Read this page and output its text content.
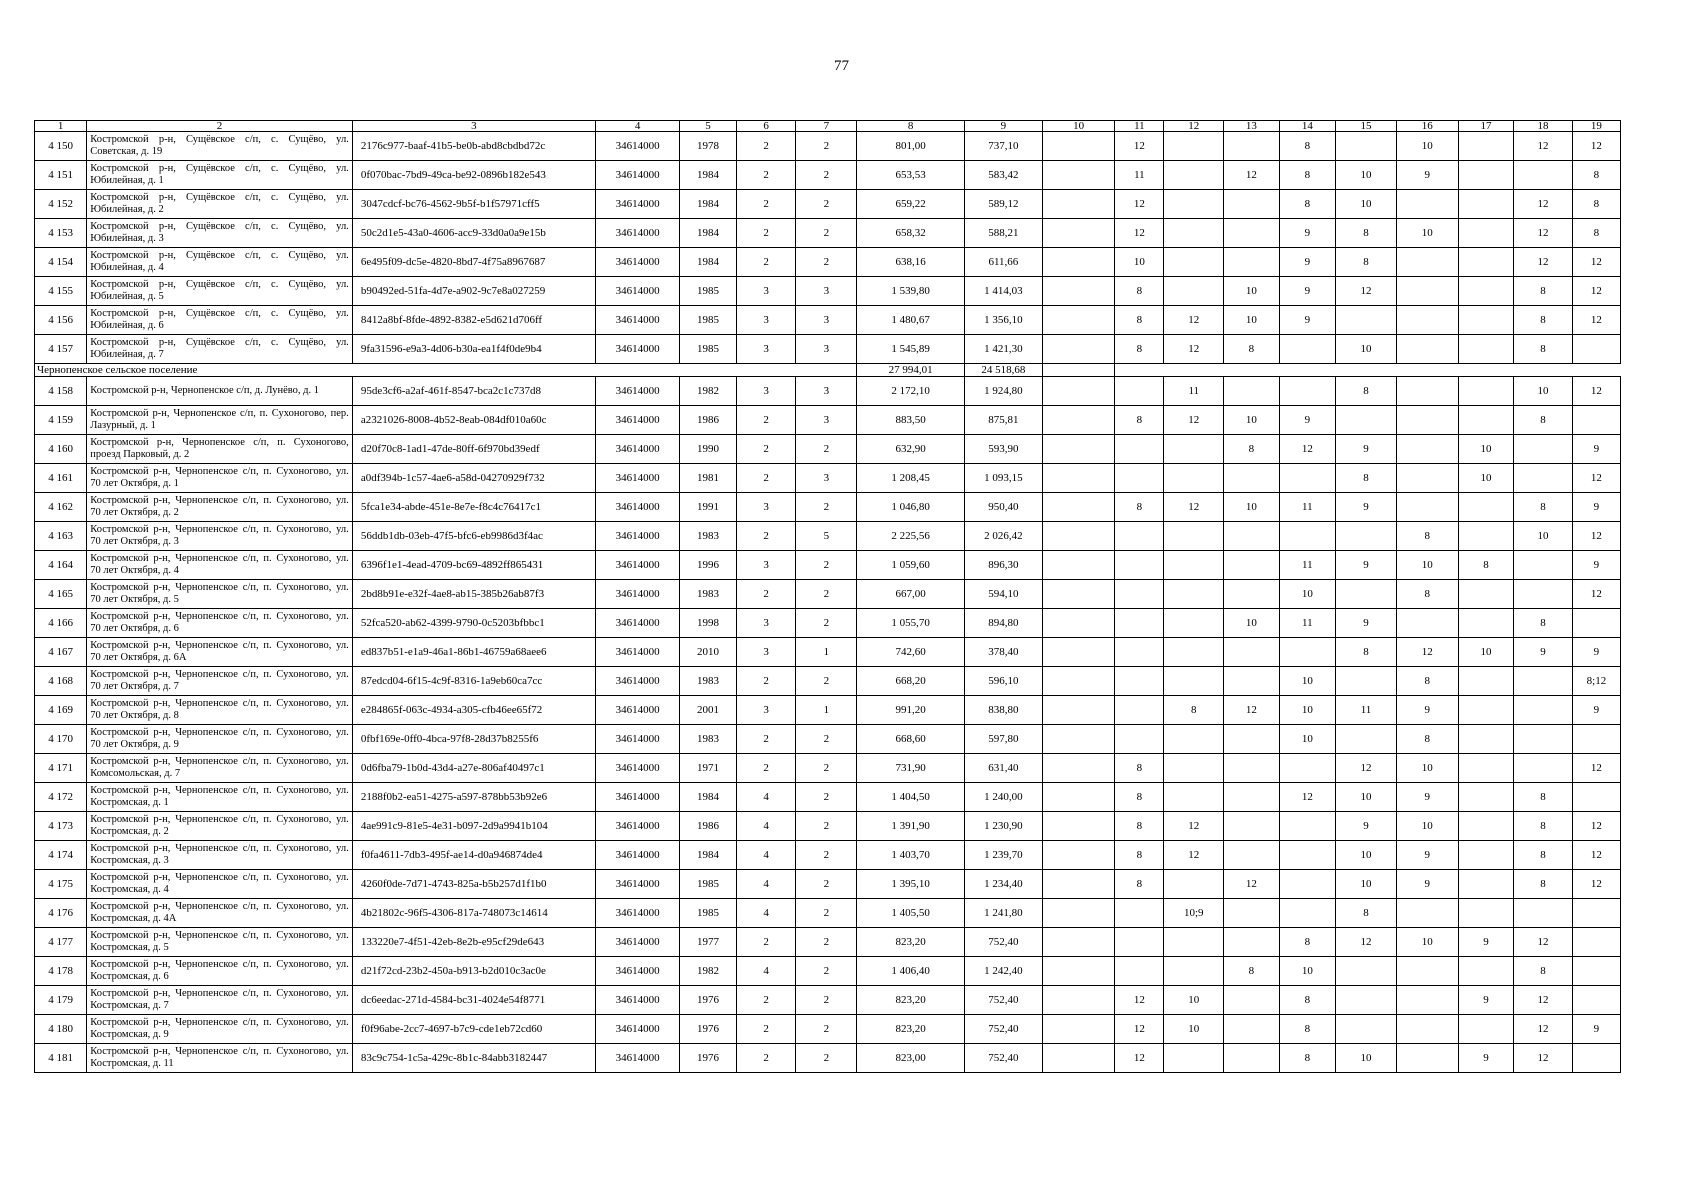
77
1	2	3	4	5	6	7	8	9	10	11	12	13	14	15	16	17	18	19
4 150	Костромской р-н, Сущёвское с/п, с. Сущёво, ул. Советская, д. 19	2176c977-baaf-41b5-be0b-abd8cbdbd72c	34614000	1978	2	2	801,00	737,10		12			8		10		12	12
4 151	Костромской р-н, Сущёвское с/п, с. Сущёво, ул. Юбилейная, д. 1	0f070bac-7bd9-49ca-be92-0896b182e543	34614000	1984	2	2	653,53	583,42		11		12	8	10	9			8
4 152	Костромской р-н, Сущёвское с/п, с. Сущёво, ул. Юбилейная, д. 2	3047cdcf-bc76-4562-9b5f-b1f57971cff5	34614000	1984	2	2	659,22	589,12		12			8	10			12	8
4 153	Костромской р-н, Сущёвское с/п, с. Сущёво, ул. Юбилейная, д. 3	50c2d1e5-43a0-4606-acc9-33d0a0a9e15b	34614000	1984	2	2	658,32	588,21		12			9	8	10		12	8
4 154	Костромской р-н, Сущёвское с/п, с. Сущёво, ул. Юбилейная, д. 4	6e495f09-dc5e-4820-8bd7-4f75a8967687	34614000	1984	2	2	638,16	611,66		10			9	8			12	12
4 155	Костромской р-н, Сущёвское с/п, с. Сущёво, ул. Юбилейная, д. 5	b90492ed-51fa-4d7e-a902-9c7e8a027259	34614000	1985	3	3	1 539,80	1 414,03		8		10	9	12			8	12
4 156	Костромской р-н, Сущёвское с/п, с. Сущёво, ул. Юбилейная, д. 6	8412a8bf-8fde-4892-8382-e5d621d706ff	34614000	1985	3	3	1 480,67	1 356,10		8	12	10	9				8	12
4 157	Костромской р-н, Сущёвское с/п, с. Сущёво, ул. Юбилейная, д. 7	9fa31596-e9a3-4d06-b30a-ea1f4f0de9b4	34614000	1985	3	3	1 545,89	1 421,30		8	12	8		10			8	
Чернопенское сельское поселение							27 994,01	24 518,68										
4 158	Костромской р-н, Чернопенское с/п, д. Лунёво, д. 1	95de3cf6-a2af-461f-8547-bca2c1c737d8	34614000	1982	3	3	2 172,10	1 924,80			11			8			10	12
4 159	Костромской р-н, Чернопенское с/п, п. Сухоногово, пер. Лазурный, д. 1	a2321026-8008-4b52-8eab-084df010a60c	34614000	1986	2	3	883,50	875,81		8	12	10	9				8	
4 160	Костромской р-н, Чернопенское с/п, п. Сухоногово, проезд Парковый, д. 2	d20f70c8-1ad1-47de-80ff-6f970bd39edf	34614000	1990	2	2	632,90	593,90				8	12	9		10		9
4 161	Костромской р-н, Чернопенское с/п, п. Сухоногово, ул. 70 лет Октября, д. 1	a0df394b-1c57-4ae6-a58d-04270929f732	34614000	1981	2	3	1 208,45	1 093,15						8		10		12
4 162	Костромской р-н, Чернопенское с/п, п. Сухоногово, ул. 70 лет Октября, д. 2	5fca1e34-abde-451e-8e7e-f8c4c76417c1	34614000	1991	3	2	1 046,80	950,40		8	12	10	11	9			8	9
4 163	Костромской р-н, Чернопенское с/п, п. Сухоногово, ул. 70 лет Октября, д. 3	56ddb1db-03eb-47f5-bfc6-eb9986d3f4ac	34614000	1983	2	5	2 225,56	2 026,42							8		10	12
4 164	Костромской р-н, Чернопенское с/п, п. Сухоногово, ул. 70 лет Октября, д. 4	6396f1e1-4ead-4709-bc69-4892ff865431	34614000	1996	3	2	1 059,60	896,30					11	9	10	8		9
4 165	Костромской р-н, Чернопенское с/п, п. Сухоногово, ул. 70 лет Октября, д. 5	2bd8b91e-e32f-4ae8-ab15-385b26ab87f3	34614000	1983	2	2	667,00	594,10					10		8			12
4 166	Костромской р-н, Чернопенское с/п, п. Сухоногово, ул. 70 лет Октября, д. 6	52fca520-ab62-4399-9790-0c5203bfbbc1	34614000	1998	3	2	1 055,70	894,80				10	11	9			8	
4 167	Костромской р-н, Чернопенское с/п, п. Сухоногово, ул. 70 лет Октября, д. 6А	ed837b51-e1a9-46a1-86b1-46759a68aee6	34614000	2010	3	1	742,60	378,40						8	12	10	9	9
4 168	Костромской р-н, Чернопенское с/п, п. Сухоногово, ул. 70 лет Октября, д. 7	87edcd04-6f15-4c9f-8316-1a9eb60ca7cc	34614000	1983	2	2	668,20	596,10					10		8			8;12
4 169	Костромской р-н, Чернопенское с/п, п. Сухоногово, ул. 70 лет Октября, д. 8	e284865f-063c-4934-a305-cfb46ee65f72	34614000	2001	3	1	991,20	838,80			8	12	10	11	9			9
4 170	Костромской р-н, Чернопенское с/п, п. Сухоногово, ул. 70 лет Октября, д. 9	0fbf169e-0ff0-4bca-97f8-28d37b8255f6	34614000	1983	2	2	668,60	597,80					10		8			
4 171	Костромской р-н, Чернопенское с/п, п. Сухоногово, ул. Комсомольская, д. 7	0d6fba79-1b0d-43d4-a27e-806af40497c1	34614000	1971	2	2	731,90	631,40		8				12	10			12
4 172	Костромской р-н, Чернопенское с/п, п. Сухоногово, ул. Костромская, д. 1	2188f0b2-ea51-4275-a597-878bb53b92e6	34614000	1984	4	2	1 404,50	1 240,00		8			12	10	9		8	
4 173	Костромской р-н, Чернопенское с/п, п. Сухоногово, ул. Костромская, д. 2	4ae991c9-81e5-4e31-b097-2d9a9941b104	34614000	1986	4	2	1 391,90	1 230,90		8	12			9	10		8	12
4 174	Костромской р-н, Чернопенское с/п, п. Сухоногово, ул. Костромская, д. 3	f0fa4611-7db3-495f-ae14-d0a946874de4	34614000	1984	4	2	1 403,70	1 239,70		8	12			10	9		8	12
4 175	Костромской р-н, Чернопенское с/п, п. Сухоногово, ул. Костромская, д. 4	4260f0de-7d71-4743-825a-b5b257d1f1b0	34614000	1985	4	2	1 395,10	1 234,40		8		12		10	9		8	12
4 176	Костромской р-н, Чернопенское с/п, п. Сухоногово, ул. Костромская, д. 4А	4b21802c-96f5-4306-817a-748073c14614	34614000	1985	4	2	1 405,50	1 241,80			10;9			8				
4 177	Костромской р-н, Чернопенское с/п, п. Сухоногово, ул. Костромская, д. 5	133220e7-4f51-42eb-8e2b-e95cf29de643	34614000	1977	2	2	823,20	752,40					8	12	10	9	12	
4 178	Костромской р-н, Чернопенское с/п, п. Сухоногово, ул. Костромская, д. 6	d21f72cd-23b2-450a-b913-b2d010c3ac0e	34614000	1982	4	2	1 406,40	1 242,40				8	10				8	
4 179	Костромской р-н, Чернопенское с/п, п. Сухоногово, ул. Костромская, д. 7	dc6eedac-271d-4584-bc31-4024e54f8771	34614000	1976	2	2	823,20	752,40		12	10		8			9	12	
4 180	Костромской р-н, Чернопенское с/п, п. Сухоногово, ул. Костромская, д. 9	f0f96abe-2cc7-4697-b7c9-cde1eb72cd60	34614000	1976	2	2	823,20	752,40		12	10		8				12	9
4 181	Костромской р-н, Чернопенское с/п, п. Сухоногово, ул. Костромская, д. 11	83c9c754-1c5a-429c-8b1c-84abb3182447	34614000	1976	2	2	823,00	752,40		12			8	10		9	12	
